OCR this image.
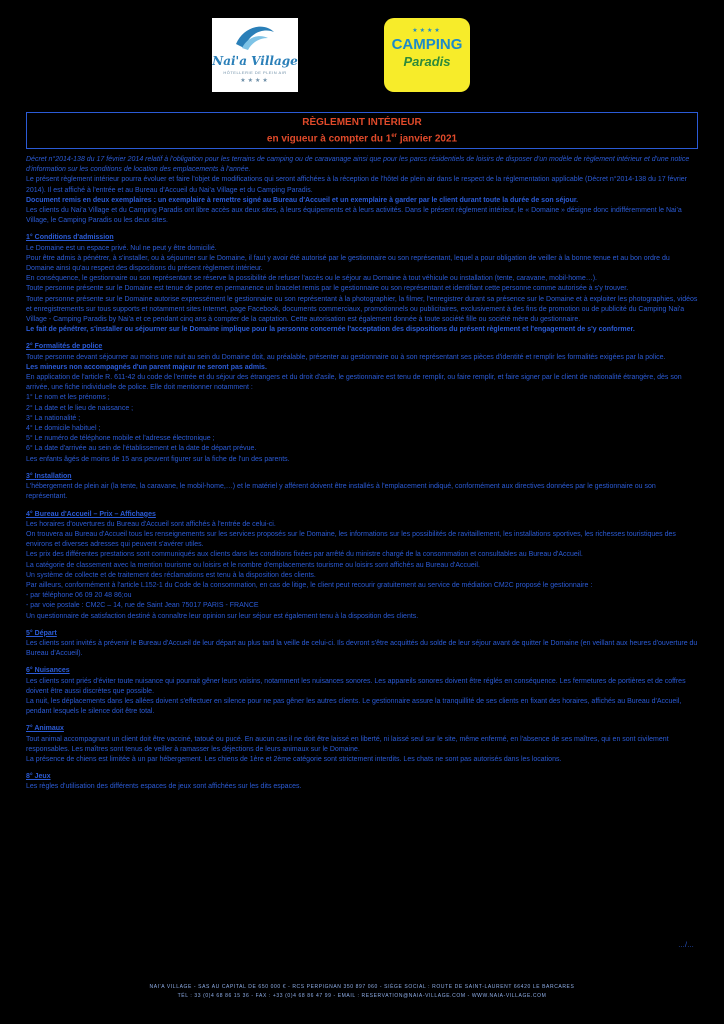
Nai'a Village
HÔTELLERIE DE PLEIN AIR
★★★★
★★★★
CAMPING
Paradis
RÈGLEMENT INTÉRIEUR
en vigueur à compter du 1er janvier 2021

Décret n°2014-138 du 17 février 2014 relatif à l'obligation pour les terrains de camping ou de caravanage ainsi que pour les parcs résidentiels de loisirs de disposer d'un modèle de règlement intérieur et d'une notice d'information sur les conditions de location des emplacements à l'année.

Le présent règlement intérieur pourra évoluer et faire l'objet de modifications qui seront affichées à la réception de l'hôtel de plein air dans le respect de la réglementation applicable (Décret n°2014-138 du 17 février 2014). Il est affiché à l'entrée et au Bureau d'Accueil du Nai'a Village et du Camping Paradis.

Document remis en deux exemplaires : un exemplaire à remettre signé au Bureau d'Accueil et un exemplaire à garder par le client durant toute la durée de son séjour.

Les clients du Nai'a Village et du Camping Paradis ont libre accès aux deux sites, à leurs équipements et à leurs activités. Dans le présent règlement intérieur, le « Domaine » désigne donc indifféremment le Nai'a Village, le Camping Paradis ou les deux sites.

1° Conditions d'admission

Le Domaine est un espace privé. Nul ne peut y être domicilié.

Pour être admis à pénétrer, à s'installer, ou à séjourner sur le Domaine, il faut y avoir été autorisé par le gestionnaire ou son représentant, lequel a pour obligation de veiller à la bonne tenue et au bon ordre du Domaine ainsi qu'au respect des dispositions du présent règlement intérieur.

En conséquence, le gestionnaire ou son représentant se réserve la possibilité de refuser l'accès ou le séjour au Domaine à tout véhicule ou installation (tente, caravane, mobil-home…).

Toute personne présente sur le Domaine est tenue de porter en permanence un bracelet remis par le gestionnaire ou son représentant et identifiant cette personne comme autorisée à s'y trouver.

Toute personne présente sur le Domaine autorise expressément le gestionnaire ou son représentant à la photographier, la filmer, l'enregistrer durant sa présence sur le Domaine et à exploiter les photographies, vidéos et enregistrements sur tous supports et notamment sites Internet, page Facebook, documents commerciaux, promotionnels ou publicitaires, exclusivement à des fins de promotion ou de publicité du Camping Nai'a Village - Camping Paradis by Nai'a et ce pendant cinq ans à compter de la captation. Cette autorisation est également donnée à toute société fille ou société mère du gestionnaire.

Le fait de pénétrer, s'installer ou séjourner sur le Domaine implique pour la personne concernée l'acceptation des dispositions du présent règlement et l'engagement de s'y conformer.

2° Formalités de police

Toute personne devant séjourner au moins une nuit au sein du Domaine doit, au préalable, présenter au gestionnaire ou à son représentant ses pièces d'identité et remplir les formalités exigées par la police.

Les mineurs non accompagnés d'un parent majeur ne seront pas admis.

En application de l'article R. 611-42 du code de l'entrée et du séjour des étrangers et du droit d'asile, le gestionnaire est tenu de remplir, ou faire remplir, et faire signer par le client de nationalité étrangère, dès son arrivée, une fiche individuelle de police. Elle doit mentionner notamment :

1° Le nom et les prénoms ;

2° La date et le lieu de naissance ;

3° La nationalité ;

4° Le domicile habituel ;

5° Le numéro de téléphone mobile et l'adresse électronique ;

6° La date d'arrivée au sein de l'établissement et la date de départ prévue.

Les enfants âgés de moins de 15 ans peuvent figurer sur la fiche de l'un des parents.

3° Installation

L'hébergement de plein air (la tente, la caravane, le mobil-home,…) et le matériel y afférent doivent être installés à l'emplacement indiqué, conformément aux directives données par le gestionnaire ou son représentant.

4° Bureau d'Accueil – Prix – Affichages

Les horaires d'ouvertures du Bureau d'Accueil sont affichés à l'entrée de celui-ci.

On trouvera au Bureau d'Accueil tous les renseignements sur les services proposés sur le Domaine, les informations sur les possibilités de ravitaillement, les installations sportives, les richesses touristiques des environs et diverses adresses qui peuvent s'avérer utiles.

Les prix des différentes prestations sont communiqués aux clients dans les conditions fixées par arrêté du ministre chargé de la consommation et consultables au Bureau d'Accueil.

La catégorie de classement avec la mention tourisme ou loisirs et le nombre d'emplacements tourisme ou loisirs sont affichés au Bureau d'Accueil.

Un système de collecte et de traitement des réclamations est tenu à la disposition des clients.

Par ailleurs, conformément à l'article L152-1 du Code de la consommation, en cas de litige, le client peut recourir gratuitement au service de médiation CM2C proposé le gestionnaire :

- par téléphone 06 09 20 48 86;ou

- par voie postale : CM2C – 14, rue de Saint Jean 75017 PARIS - FRANCE

Un questionnaire de satisfaction destiné à connaître leur opinion sur leur séjour est également tenu à la disposition des clients.

5° Départ

Les clients sont invités à prévenir le Bureau d'Accueil de leur départ au plus tard la veille de celui-ci. Ils devront s'être acquittés du solde de leur séjour avant de quitter le Domaine (en veillant aux heures d'ouverture du Bureau d'Accueil).

6° Nuisances

Les clients sont priés d'éviter toute nuisance qui pourrait gêner leurs voisins, notamment les nuisances sonores. Les appareils sonores doivent être réglés en conséquence. Les fermetures de portières et de coffres doivent être aussi discrètes que possible.

La nuit, les déplacements dans les allées doivent s'effectuer en silence pour ne pas gêner les autres clients. Le gestionnaire assure la tranquillité de ses clients en fixant des horaires, affichés au Bureau d'Accueil, pendant lesquels le silence doit être total.

7° Animaux

Tout animal accompagnant un client doit être vacciné, tatoué ou pucé. En aucun cas il ne doit être laissé en liberté, ni laissé seul sur le site, même enfermé, en l'absence de ses maîtres, qui en sont civilement responsables. Les maîtres sont tenus de veiller à ramasser les déjections de leurs animaux sur le Domaine.

La présence de chiens est limitée à un par hébergement. Les chiens de 1ère et 2ème catégorie sont strictement interdits. Les chats ne sont pas autorisés dans les locations.

8° Jeux

Les règles d'utilisation des différents espaces de jeux sont affichées sur les dits espaces.

…/…
NAI'A VILLAGE - SAS AU CAPITAL DE 650 000 € - RCS PERPIGNAN 350 897 060 - SIÈGE SOCIAL : ROUTE DE SAINT-LAURENT 66420 LE BARCARES
TÉL : 33 (0)4 68 86 15 36 - FAX : +33 (0)4 68 86 47 99 - EMAIL : RESERVATION@NAIA-VILLAGE.COM - WWW.NAIA-VILLAGE.COM
